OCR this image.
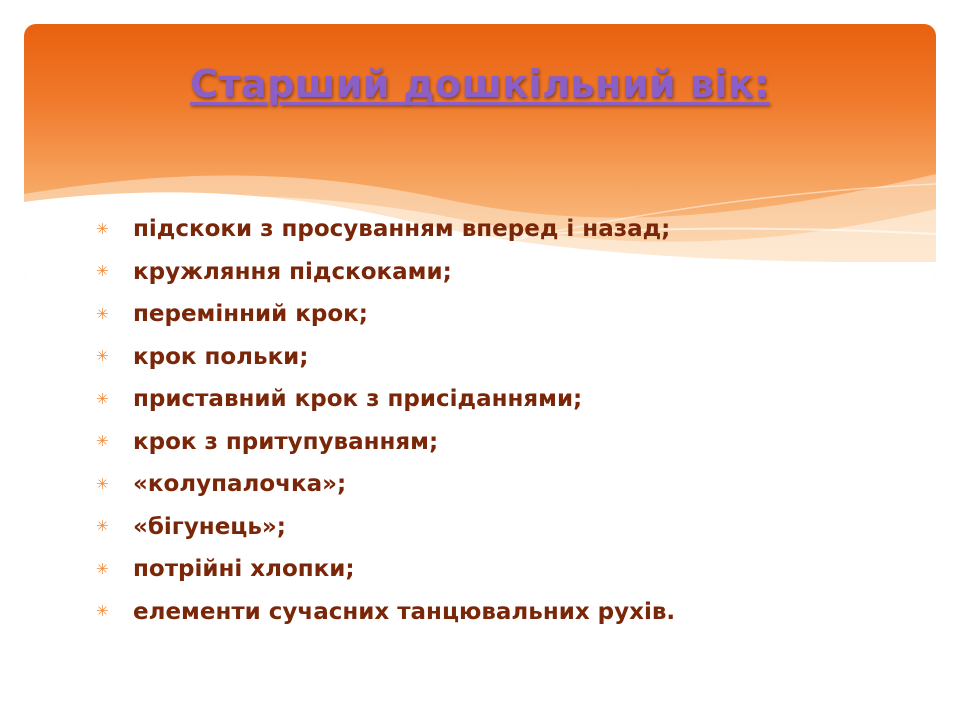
Старший дошкільний вік:
✳	підскоки з просуванням вперед і назад;
✳	кружляння підскоками;
✳	перемінний крок;
✳	крок польки;
✳	приставний крок з присіданнями;
✳	крок з притупуванням;
✳	«колупалочка»;
✳	«бігунець»;
✳	потрійні хлопки;
✳	елементи сучасних танцювальних рухів.
